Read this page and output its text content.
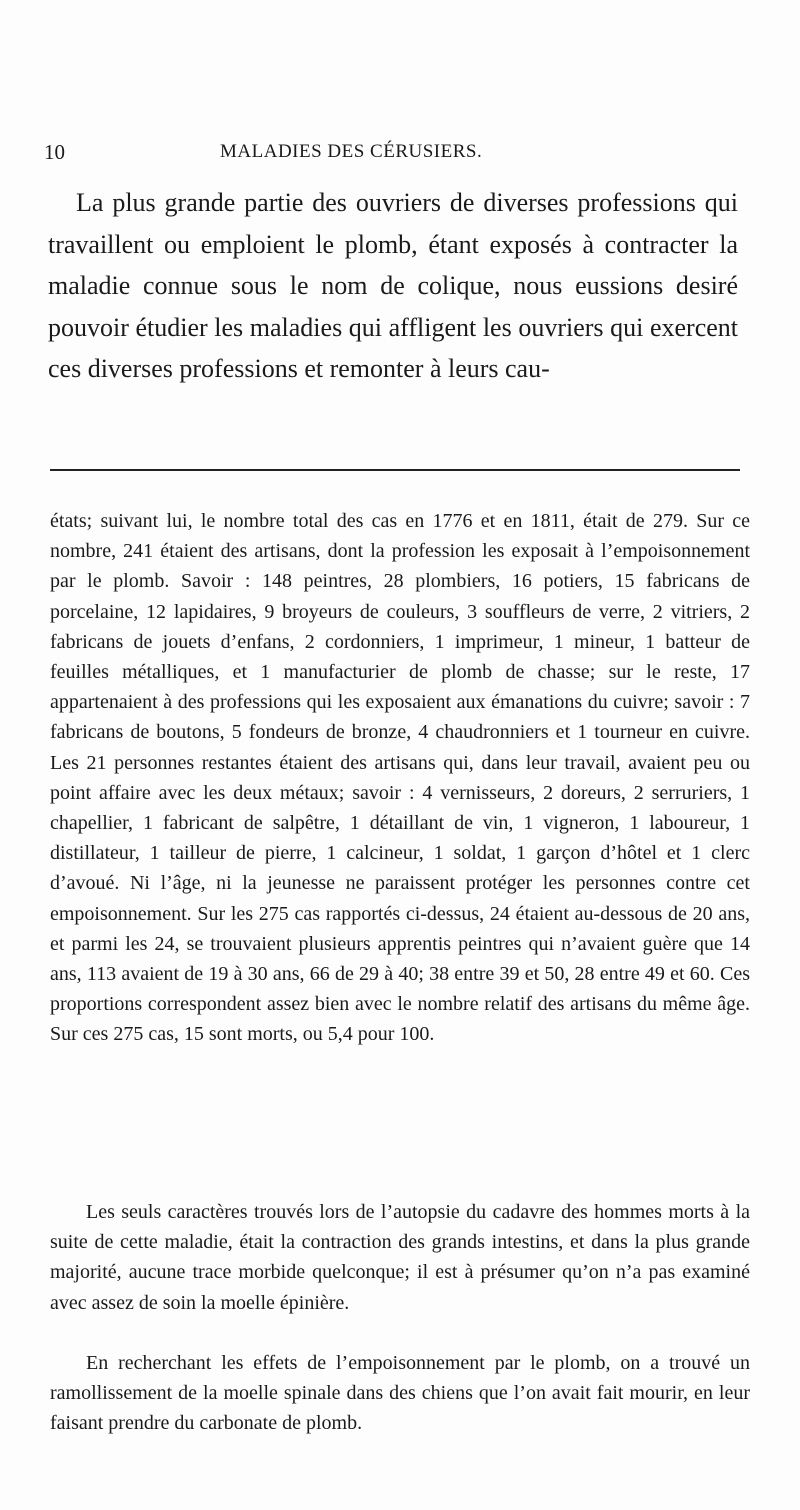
10	MALADIES DES CÉRUSIERS.

La plus grande partie des ouvriers de diverses professions qui travaillent ou emploient le plomb, étant exposés à contracter la maladie connue sous le nom de colique, nous eussions desiré pouvoir étudier les maladies qui affligent les ouvriers qui exercent ces diverses professions et remonter à leurs cau-

états; suivant lui, le nombre total des cas en 1776 et en 1811, était de 279. Sur ce nombre, 241 étaient des artisans, dont la profession les exposait à l’empoisonnement par le plomb. Savoir : 148 peintres, 28 plombiers, 16 potiers, 15 fabricans de porcelaine, 12 lapidaires, 9 broyeurs de couleurs, 3 souffleurs de verre, 2 vitriers, 2 fabricans de jouets d’enfans, 2 cordonniers, 1 imprimeur, 1 mineur, 1 batteur de feuilles métalliques, et 1 manufacturier de plomb de chasse; sur le reste, 17 appartenaient à des professions qui les exposaient aux émanations du cuivre; savoir : 7 fabricans de boutons, 5 fondeurs de bronze, 4 chaudronniers et 1 tourneur en cuivre. Les 21 personnes restantes étaient des artisans qui, dans leur travail, avaient peu ou point affaire avec les deux métaux; savoir : 4 vernisseurs, 2 doreurs, 2 serruriers, 1 chapellier, 1 fabricant de salpêtre, 1 détaillant de vin, 1 vigneron, 1 laboureur, 1 distillateur, 1 tailleur de pierre, 1 calcineur, 1 soldat, 1 garçon d’hôtel et 1 clerc d’avoué. Ni l’âge, ni la jeunesse ne paraissent protéger les personnes contre cet empoisonnement. Sur les 275 cas rapportés ci-dessus, 24 étaient au-dessous de 20 ans, et parmi les 24, se trouvaient plusieurs apprentis peintres qui n’avaient guère que 14 ans, 113 avaient de 19 à 30 ans, 66 de 29 à 40; 38 entre 39 et 50, 28 entre 49 et 60. Ces proportions correspondent assez bien avec le nombre relatif des artisans du même âge. Sur ces 275 cas, 15 sont morts, ou 5,4 pour 100.

Les seuls caractères trouvés lors de l’autopsie du cadavre des hommes morts à la suite de cette maladie, était la contraction des grands intestins, et dans la plus grande majorité, aucune trace morbide quelconque; il est à présumer qu’on n’a pas examiné avec assez de soin la moelle épinière.

En recherchant les effets de l’empoisonnement par le plomb, on a trouvé un ramollissement de la moelle spinale dans des chiens que l’on avait fait mourir, en leur faisant prendre du carbonate de plomb.
